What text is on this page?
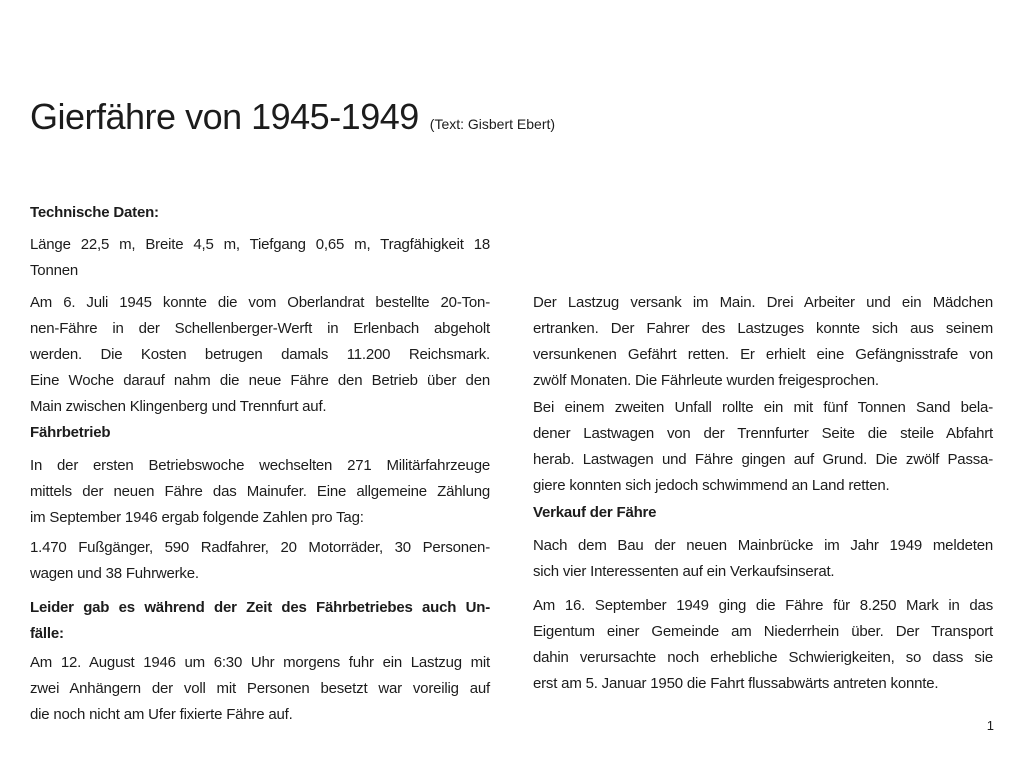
Gierfähre von 1945-1949 (Text: Gisbert Ebert)
Technische Daten:
Länge 22,5 m, Breite 4,5 m, Tiefgang 0,65 m, Tragfähigkeit 18
Tonnen
Am 6. Juli 1945 konnte die vom Oberlandrat bestellte 20-Ton-
nen-Fähre in der Schellenberger-Werft in Erlenbach abgeholt
werden. Die Kosten betrugen damals 11.200 Reichsmark.
Eine Woche darauf nahm die neue Fähre den Betrieb über den
Main zwischen Klingenberg und Trennfurt auf.
Fährbetrieb
In der ersten Betriebswoche wechselten 271 Militärfahrzeuge
mittels der neuen Fähre das Mainufer. Eine allgemeine Zählung
im September 1946 ergab folgende Zahlen pro Tag:
1.470 Fußgänger, 590 Radfahrer, 20 Motorräder, 30 Personen-
wagen und 38 Fuhrwerke.
Leider gab es während der Zeit des Fährbetriebes auch Un-
fälle:
Am 12. August 1946 um 6:30 Uhr morgens fuhr ein Lastzug mit
zwei Anhängern der voll mit Personen besetzt war voreilig auf
die noch nicht am Ufer fixierte Fähre auf.
Der Lastzug versank im Main. Drei Arbeiter und ein Mädchen
ertranken. Der Fahrer des Lastzuges konnte sich aus seinem
versunkenen Gefährt retten. Er erhielt eine Gefängnisstrafe von
zwölf Monaten. Die Fährleute wurden freigesprochen.
Bei einem zweiten Unfall rollte ein mit fünf Tonnen Sand bela-
dener Lastwagen von der Trennfurter Seite die steile Abfahrt
herab. Lastwagen und Fähre gingen auf Grund. Die zwölf Passa-
giere konnten sich jedoch schwimmend an Land retten.
Verkauf der Fähre
Nach dem Bau der neuen Mainbrücke im Jahr 1949 meldeten
sich vier Interessenten auf ein Verkaufsinserat.
Am 16. September 1949 ging die Fähre für 8.250 Mark in das
Eigentum einer Gemeinde am Niederrhein über. Der Transport
dahin verursachte noch erhebliche Schwierigkeiten, so dass sie
erst am 5. Januar 1950 die Fahrt flussabwärts antreten konnte.
1
